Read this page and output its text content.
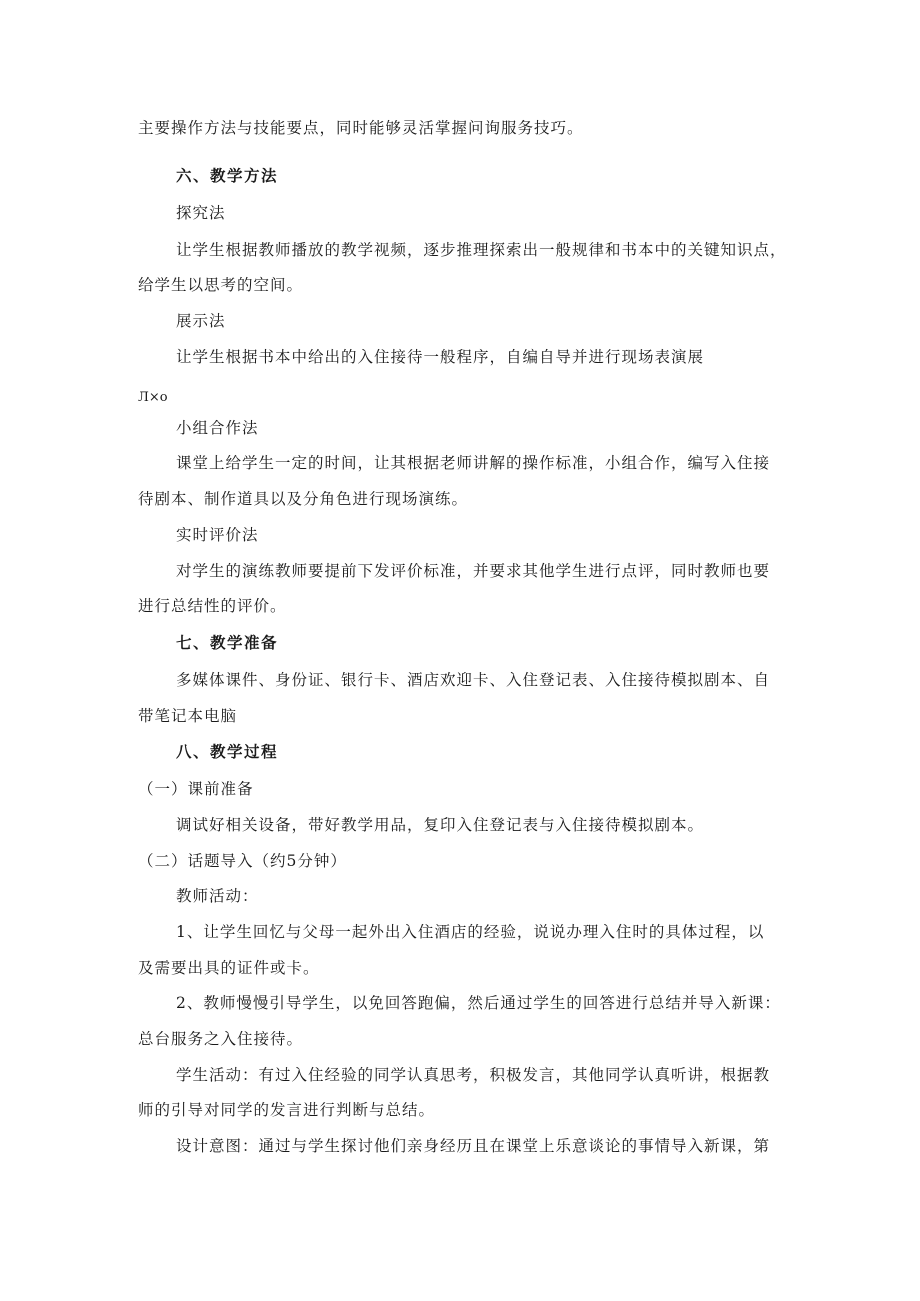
主要操作方法与技能要点，同时能够灵活掌握问询服务技巧。
六、教学方法
探究法
让学生根据教师播放的教学视频，逐步推理探索出一般规律和书本中的关键知识点，
给学生以思考的空间。
展示法
让学生根据书本中给出的入住接待一般程序，自编自导并进行现场表演展
Л×o
小组合作法
课堂上给学生一定的时间，让其根据老师讲解的操作标准，小组合作，编写入住接
待剧本、制作道具以及分角色进行现场演练。
实时评价法
对学生的演练教师要提前下发评价标准，并要求其他学生进行点评，同时教师也要
进行总结性的评价。
七、教学准备
多媒体课件、身份证、银行卡、酒店欢迎卡、入住登记表、入住接待模拟剧本、自
带笔记本电脑
八、教学过程
（一）课前准备
调试好相关设备，带好教学用品，复印入住登记表与入住接待模拟剧本。
（二）话题导入（约5分钟）
教师活动：
1、让学生回忆与父母一起外出入住酒店的经验，说说办理入住时的具体过程，以
及需要出具的证件或卡。
2、教师慢慢引导学生，以免回答跑偏，然后通过学生的回答进行总结并导入新课：
总台服务之入住接待。
学生活动：有过入住经验的同学认真思考，积极发言，其他同学认真听讲，根据教
师的引导对同学的发言进行判断与总结。
设计意图：通过与学生探讨他们亲身经历且在课堂上乐意谈论的事情导入新课，第
